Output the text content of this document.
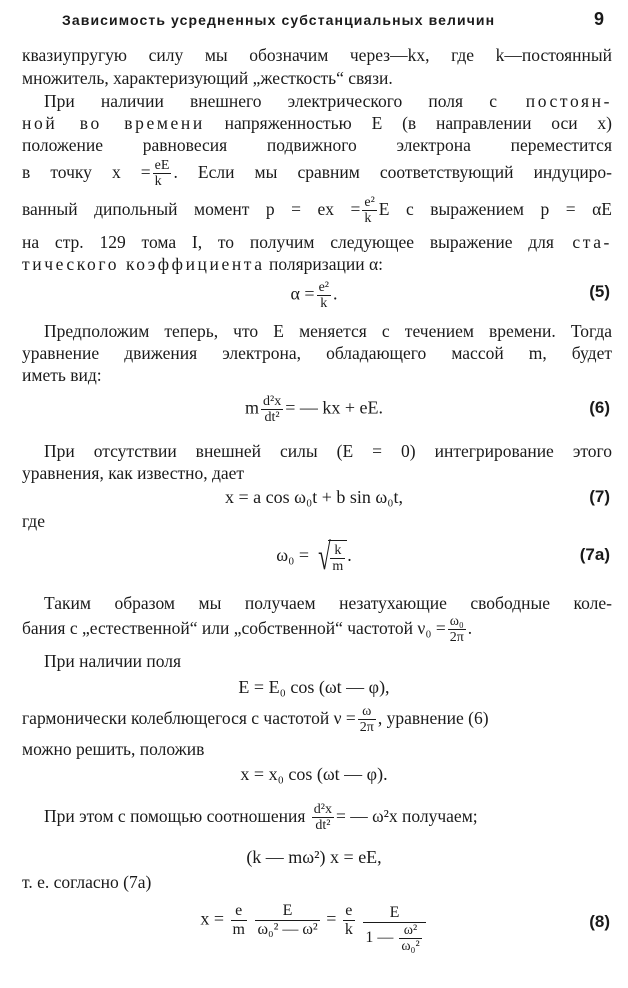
Зависимость усредненных субстанциальных величин	9
квазиупругую силу мы обозначим через—kx, где k—постоянный
множитель, характеризующий „жесткость“ связи.
При наличии внешнего электрического поля с постоян-
ной во времени напряженностью E (в направлении оси x)
положение равновесия подвижного электрона переместится
в точку $x = \frac{eE}{k}$ . Если мы сравним соответствующий индуциро-
ванный дипольный момент p = ex = $\frac{\text{e²}}{k}$ E с выражением p = αE
на стр. 129 тома I, то получим следующее выражение для ста-
тического коэффициента поляризации α:
$\alpha = \frac{\text{e²}}{k}$ .	(5)
Предположим теперь, что E меняется с течением времени. Тогда
уравнение движения электрона, обладающего массой m, будет
иметь вид:
m $\frac{\text{d²x}}{\text{dt²}}$ = — kx + eE.	(6)
При отсутствии внешней силы (E = 0) интегрирование этого
уравнения, как известно, дает
x = a cos ω₀t + b sin ω₀t,	(7)
где
ω₀ = √ $\frac{k}{m}$ .	(7a)
Таким образом мы получаем незатухающие свободные коле-
бания с „естественной“ или „собственной“ частотой $\nu_0 = \frac{\text{ω₀}}{2\pi}$ .
При наличии поля
E = E₀ cos (ωt — φ),
гармонически колеблющегося с частотой $\nu = \frac{\omega}{2\pi}$ , уравнение (6)
можно решить, положив
x = x₀ cos (ωt — φ).
При этом с помощью соотношения $\frac{\text{d²x}}{\text{dt²}}$ = — ω²x получаем;
(k — mω²) x = eE,
т. е. согласно (7а)
$x = \frac{e}{m}$
$\frac{E}{\text{ω₀² — ω²}} = \frac{e}{k}$
$\frac{E}{1 — \frac{\text{ω²}}{\text{ω₀²}}}$	(8)
